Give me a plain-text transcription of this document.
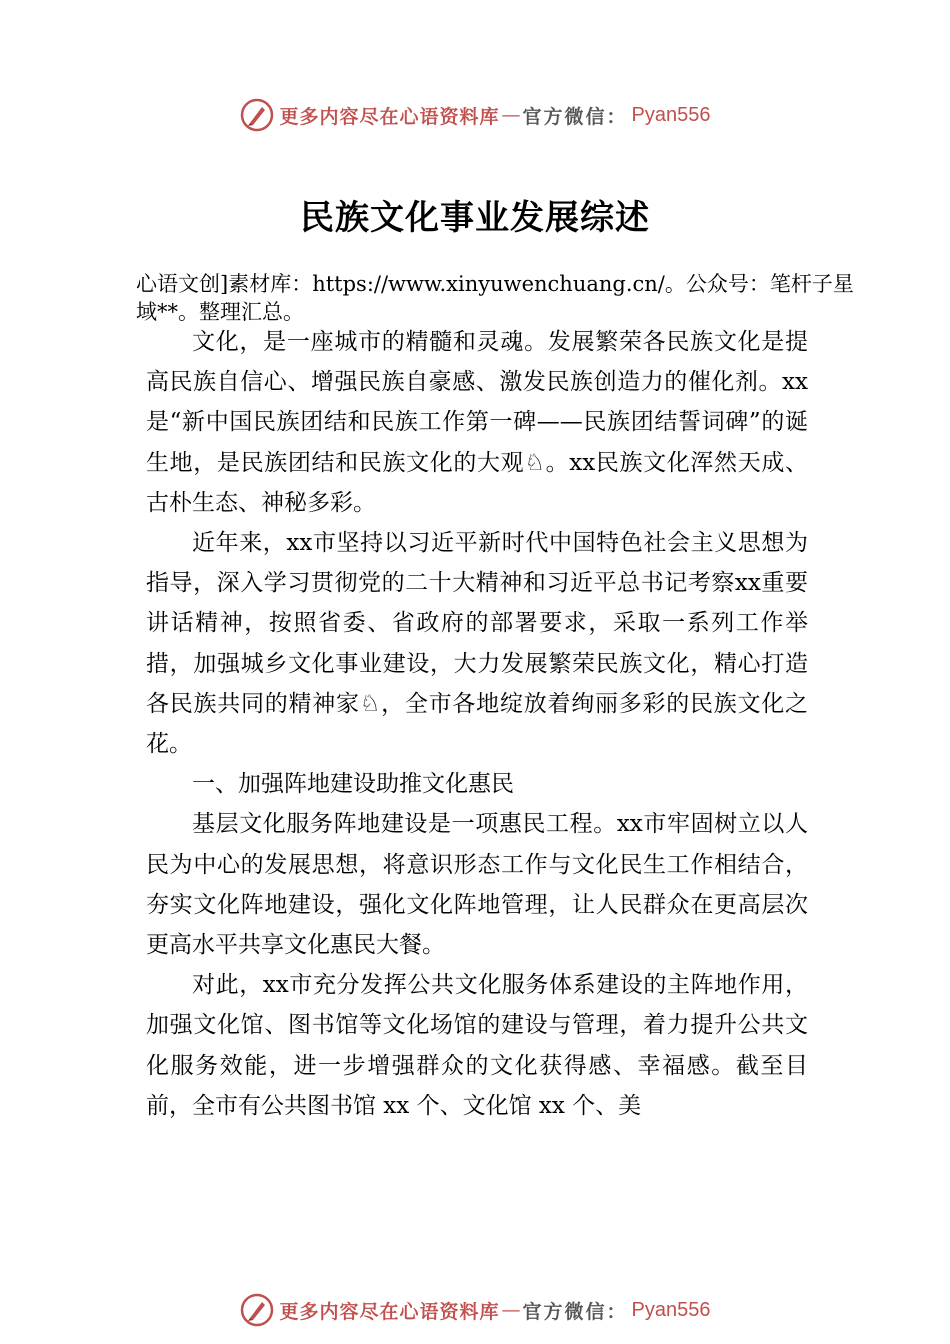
更多内容尽在心语资料库 — 官方微信： Pyan556
民族文化事业发展综述
心语文创]素材库：https://www.xinyuwenchuang.cn/。公众号：笔杆子星域**。整理汇总。

文化，是一座城市的精髓和灵魂。发展繁荣各民族文化是提高民族自信心、增强民族自豪感、激发民族创造力的催化剂。xx是“新中国民族团结和民族工作第一碑——民族团结誓词碑”的诞生地，是民族团结和民族文化的大观♘。xx民族文化浑然天成、古朴生态、神秘多彩。

近年来，xx市坚持以习近平新时代中国特色社会主义思想为指导，深入学习贯彻党的二十大精神和习近平总书记考察xx重要讲话精神，按照省委、省政府的部署要求，采取一系列工作举措，加强城乡文化事业建设，大力发展繁荣民族文化，精心打造各民族共同的精神家♘，全市各地绽放着绚丽多彩的民族文化之花。

一、加强阵地建设助推文化惠民

基层文化服务阵地建设是一项惠民工程。xx市牢固树立以人民为中心的发展思想，将意识形态工作与文化民生工作相结合，夯实文化阵地建设，强化文化阵地管理，让人民群众在更高层次更高水平共享文化惠民大餐。

对此，xx市充分发挥公共文化服务体系建设的主阵地作用，加强文化馆、图书馆等文化场馆的建设与管理，着力提升公共文化服务效能，进一步增强群众的文化获得感、幸福感。截至目前，全市有公共图书馆 xx 个、文化馆 xx 个、美

更多内容尽在心语资料库 — 官方微信： Pyan556
